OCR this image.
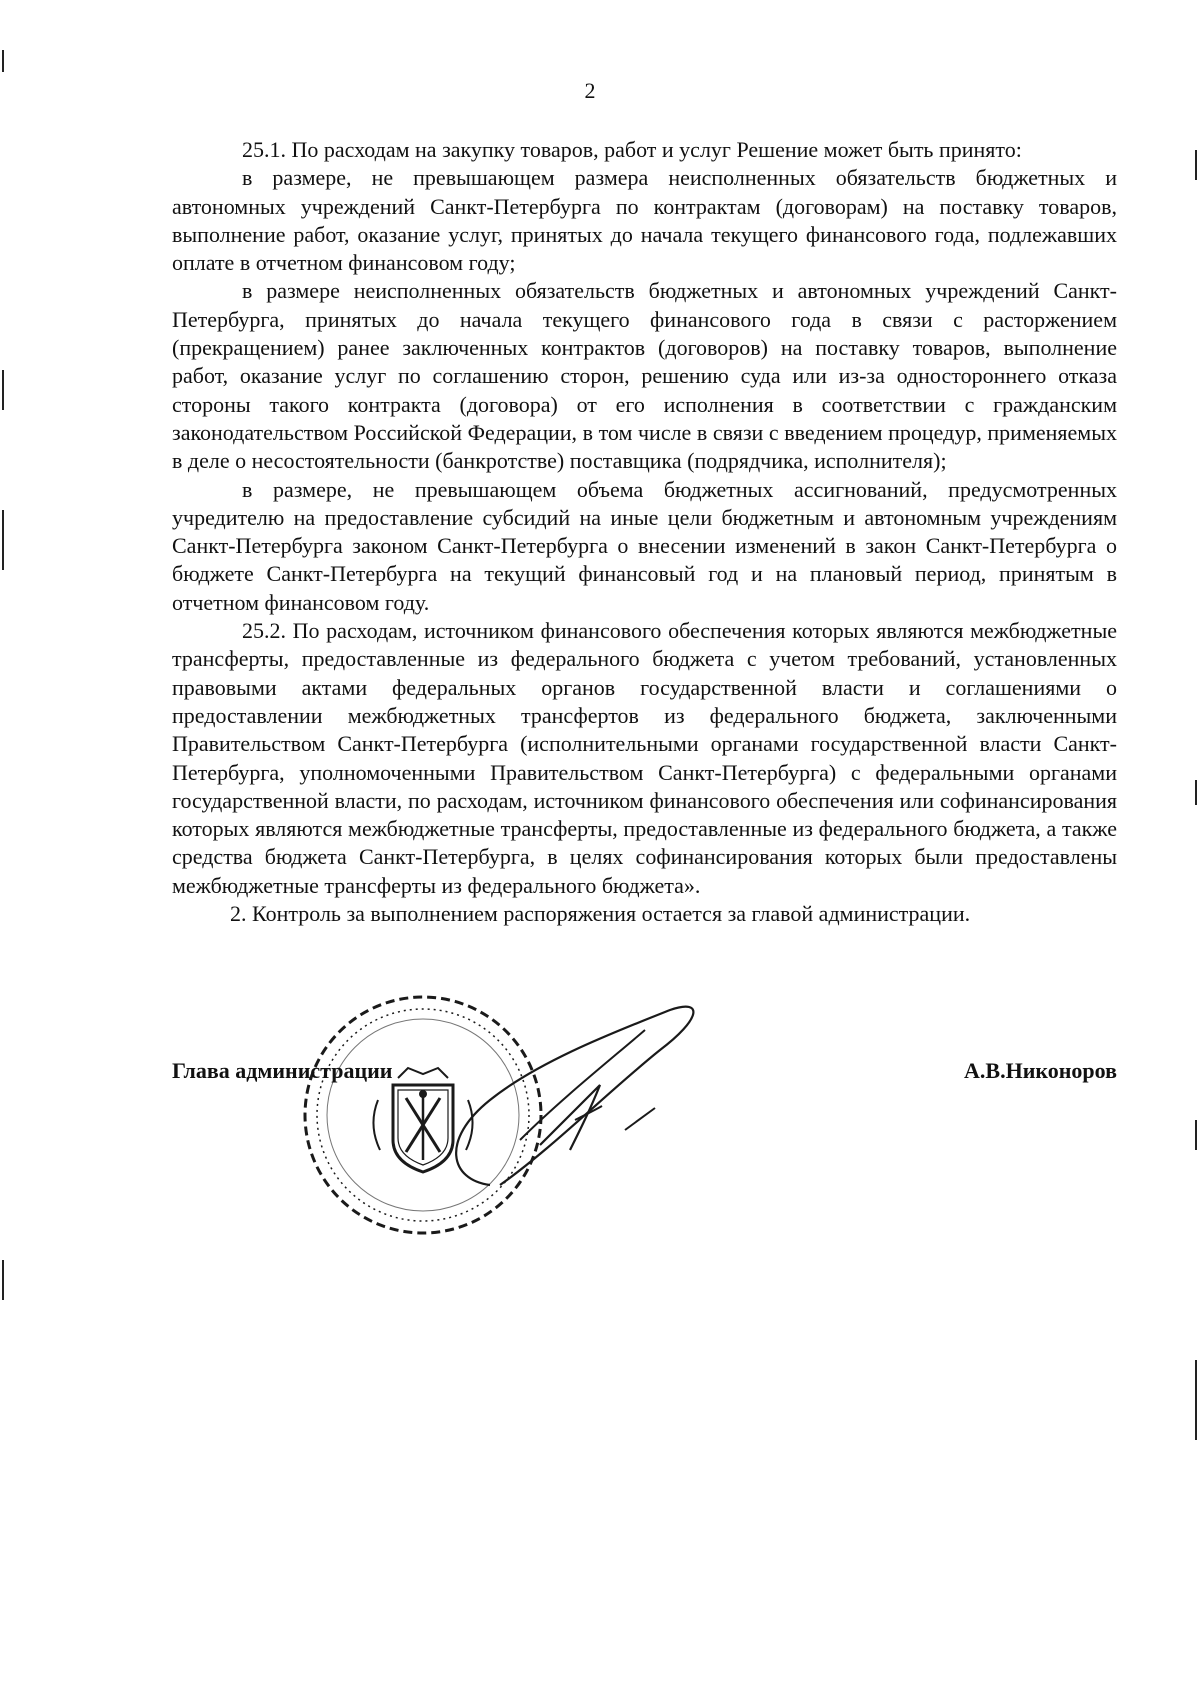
2

25.1. По расходам на закупку товаров, работ и услуг Решение может быть принято:

в размере, не превышающем размера неисполненных обязательств бюджетных и автономных учреждений Санкт-Петербурга по контрактам (договорам) на поставку товаров, выполнение работ, оказание услуг, принятых до начала текущего финансового года, подлежавших оплате в отчетном финансовом году;

в размере неисполненных обязательств бюджетных и автономных учреждений Санкт-Петербурга, принятых до начала текущего финансового года в связи с расторжением (прекращением) ранее заключенных контрактов (договоров) на поставку товаров, выполнение работ, оказание услуг по соглашению сторон, решению суда или из-за одностороннего отказа стороны такого контракта (договора) от его исполнения в соответствии с гражданским законодательством Российской Федерации, в том числе в связи с введением процедур, применяемых в деле о несостоятельности (банкротстве) поставщика (подрядчика, исполнителя);

в размере, не превышающем объема бюджетных ассигнований, предусмотренных учредителю на предоставление субсидий на иные цели бюджетным и автономным учреждениям Санкт-Петербурга законом Санкт-Петербурга о внесении изменений в закон Санкт-Петербурга о бюджете Санкт-Петербурга на текущий финансовый год и на плановый период, принятым в отчетном финансовом году.

25.2. По расходам, источником финансового обеспечения которых являются межбюджетные трансферты, предоставленные из федерального бюджета с учетом требований, установленных правовыми актами федеральных органов государственной власти и соглашениями о предоставлении межбюджетных трансфертов из федерального бюджета, заключенными Правительством Санкт-Петербурга (исполнительными органами государственной власти Санкт-Петербурга, уполномоченными Правительством Санкт-Петербурга) с федеральными органами государственной власти, по расходам, источником финансового обеспечения или софинансирования которых являются межбюджетные трансферты, предоставленные из федерального бюджета, а также средства бюджета Санкт-Петербурга, в целях софинансирования которых были предоставлены межбюджетные трансферты из федерального бюджета».

2. Контроль за выполнением распоряжения остается за главой администрации.

Глава администрации	А.В.Никоноров
